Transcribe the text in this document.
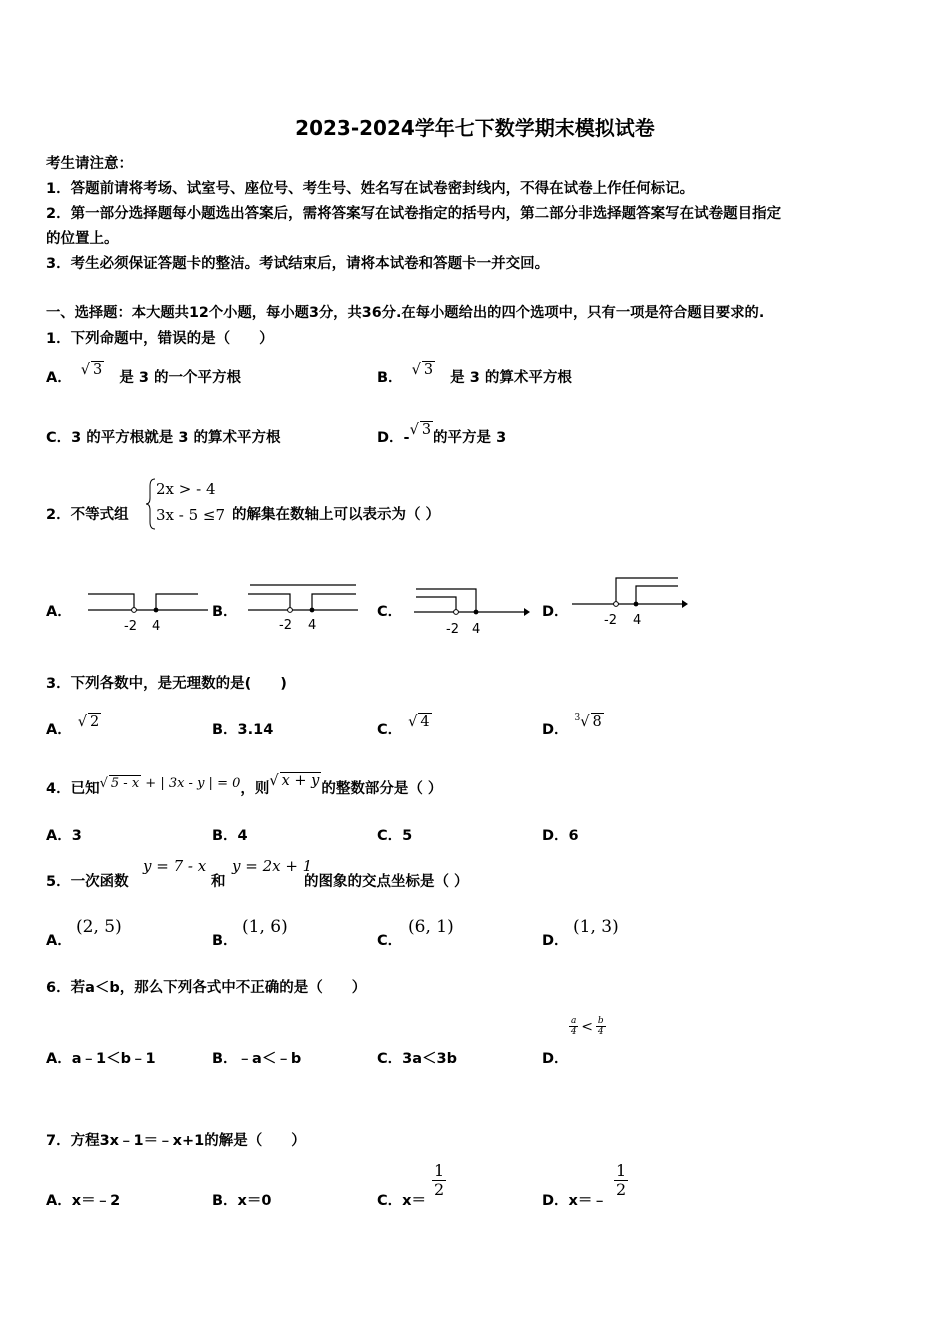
2023-2024学年七下数学期末模拟试卷
考生请注意：
1．答题前请将考场、试室号、座位号、考生号、姓名写在试卷密封线内，不得在试卷上作任何标记。
2．第一部分选择题每小题选出答案后，需将答案写在试卷指定的括号内，第二部分非选择题答案写在试卷题目指定
的位置上。
3．考生必须保证答题卡的整洁。考试结束后，请将本试卷和答题卡一并交回。
一、选择题：本大题共12个小题，每小题3分，共36分.在每小题给出的四个选项中，只有一项是符合题目要求的.
1．下列命题中，错误的是（　　）
A． √ 3 是 3 的一个平方根	B． √ 3 是 3 的算术平方根
C．3 的平方根就是 3 的算术平方根	D．-√ 3 的平方是 3
2．不等式组
2x > - 4
3x - 5 ≤7 的解集在数轴上可以表示为（ ）
A．	B．	C．	D．
-2 4	-2 4	-2 4
-2 4
3．下列各数中，是无理数的是(　　)
A． √ 2	B．3.14	C． √ 4	D．$^3$√ 8
4．已知√ 5 - x + | 3x - y | = 0，则√ x + y 的整数部分是（ ）
A．3	B．4	C．5	D．6
5．一次函数
y = 7 - x
和
y = 2x + 1
的图象的交点坐标是（ ）
A．
(2, 5)
B．
(1, 6)
C．
(6, 1)
D．
(1, 3)
6．若a＜b，那么下列各式中不正确的是（　　）
A．a﹣1＜b﹣1	B．﹣a＜﹣b	C．3a＜3b	D．
$\frac{a}{4} < \frac{b}{4}$
7．方程3x﹣1＝﹣x+1的解是（　　）
A．x＝﹣2	B．x＝0	C．x＝
$\frac{1}{2}$
D．x＝﹣
$\frac{1}{2}$
